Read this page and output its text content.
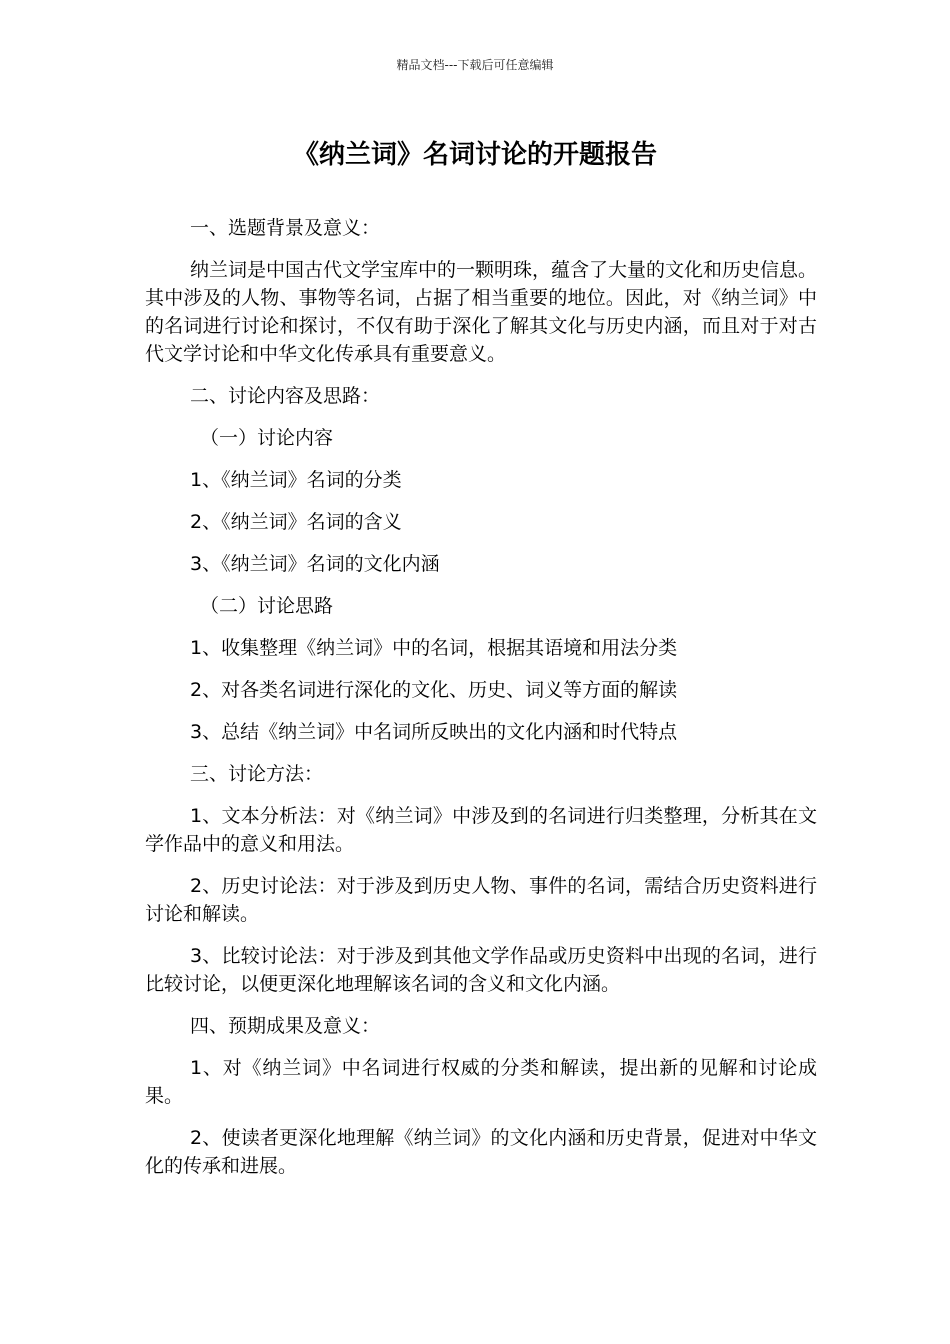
精品文档---下载后可任意编辑
《纳兰词》名词讨论的开题报告

一、选题背景及意义：

纳兰词是中国古代文学宝库中的一颗明珠，蕴含了大量的文化和历史信息。其中涉及的人物、事物等名词，占据了相当重要的地位。因此，对《纳兰词》中的名词进行讨论和探讨，不仅有助于深化了解其文化与历史内涵，而且对于对古代文学讨论和中华文化传承具有重要意义。

二、讨论内容及思路：

（一）讨论内容

1、《纳兰词》名词的分类

2、《纳兰词》名词的含义

3、《纳兰词》名词的文化内涵

（二）讨论思路

1、收集整理《纳兰词》中的名词，根据其语境和用法分类

2、对各类名词进行深化的文化、历史、词义等方面的解读

3、总结《纳兰词》中名词所反映出的文化内涵和时代特点

三、讨论方法：

1、文本分析法：对《纳兰词》中涉及到的名词进行归类整理，分析其在文学作品中的意义和用法。

2、历史讨论法：对于涉及到历史人物、事件的名词，需结合历史资料进行讨论和解读。

3、比较讨论法：对于涉及到其他文学作品或历史资料中出现的名词，进行比较讨论，以便更深化地理解该名词的含义和文化内涵。

四、预期成果及意义：

1、对《纳兰词》中名词进行权威的分类和解读，提出新的见解和讨论成果。

2、使读者更深化地理解《纳兰词》的文化内涵和历史背景，促进对中华文化的传承和进展。
